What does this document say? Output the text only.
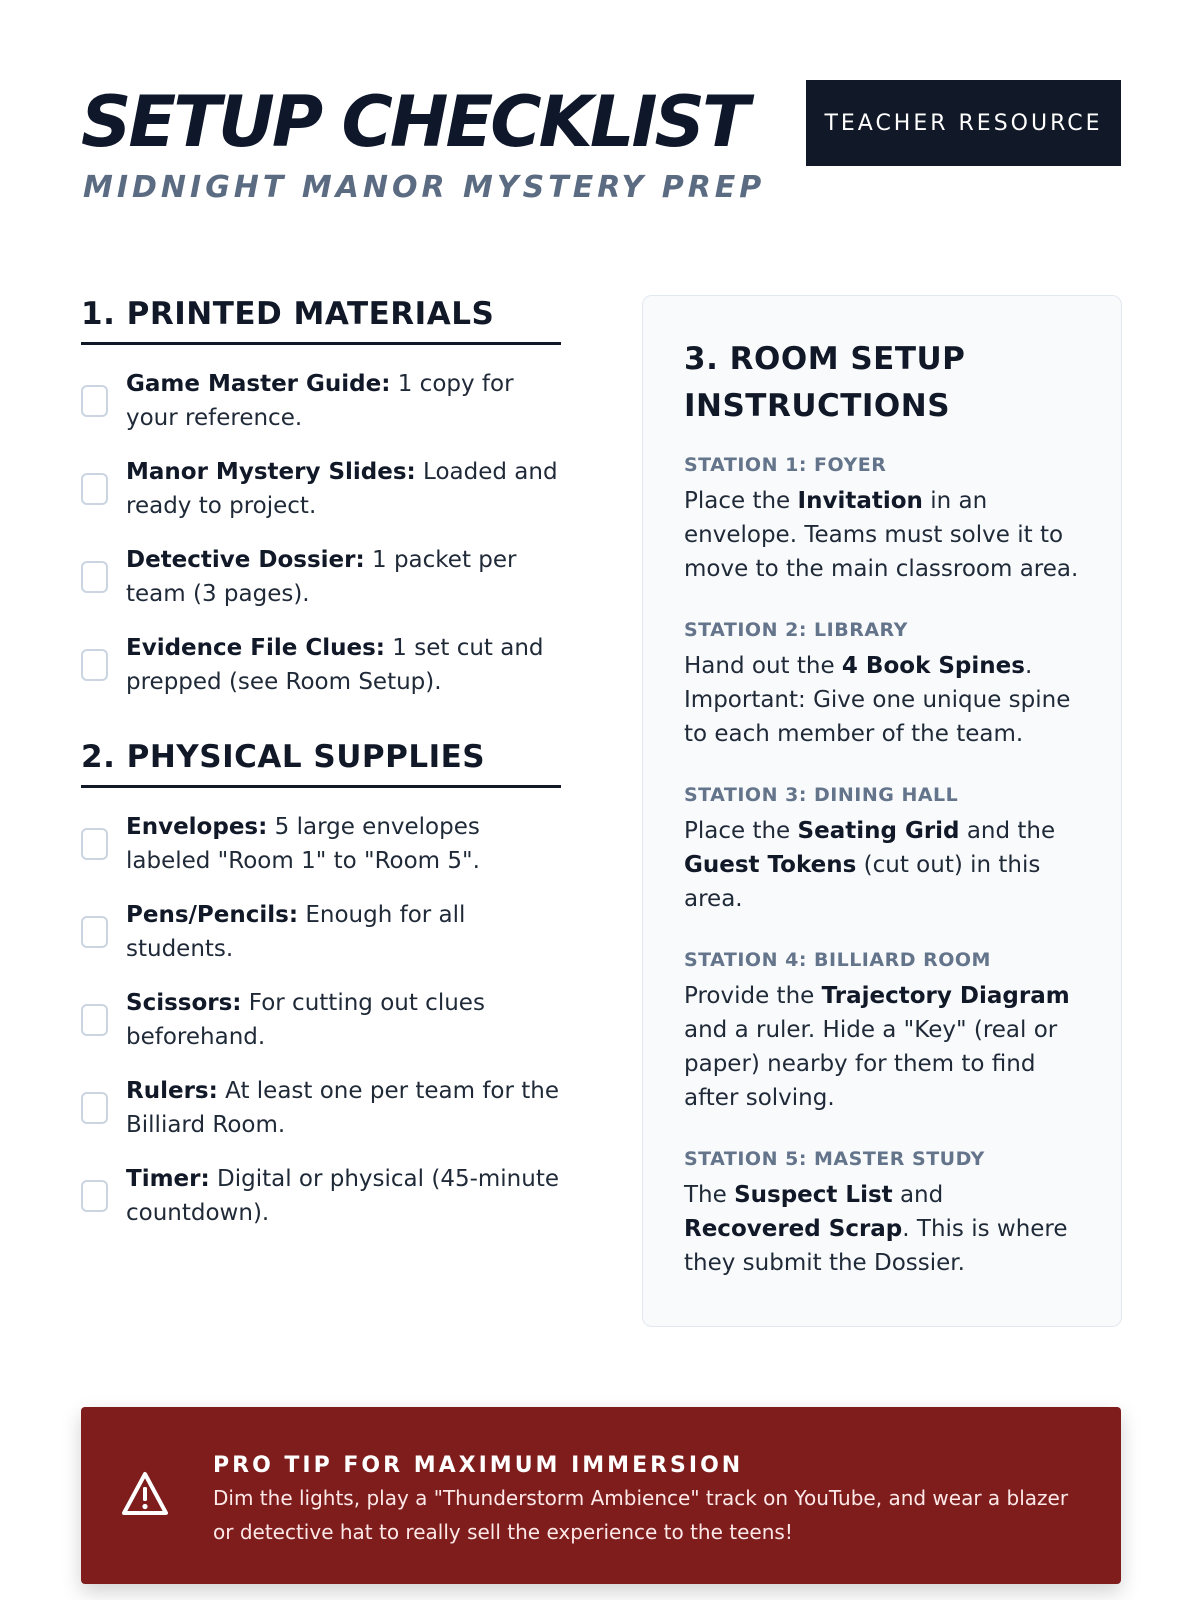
SETUP CHECKLIST	TEACHER RESOURCE
MIDNIGHT MANOR MYSTERY PREP
1. PRINTED MATERIALS
Game Master Guide: 1 copy for your reference.
Manor Mystery Slides: Loaded and ready to project.
Detective Dossier: 1 packet per team (3 pages).
Evidence File Clues: 1 set cut and prepped (see Room Setup).
2. PHYSICAL SUPPLIES
Envelopes: 5 large envelopes labeled "Room 1" to "Room 5".
Pens/Pencils: Enough for all students.
Scissors: For cutting out clues beforehand.
Rulers: At least one per team for the Billiard Room.
Timer: Digital or physical (45-minute countdown).
3. ROOM SETUP INSTRUCTIONS
STATION 1: FOYER
Place the Invitation in an envelope. Teams must solve it to move to the main classroom area.
STATION 2: LIBRARY
Hand out the 4 Book Spines. Important: Give one unique spine to each member of the team.
STATION 3: DINING HALL
Place the Seating Grid and the Guest Tokens (cut out) in this area.
STATION 4: BILLIARD ROOM
Provide the Trajectory Diagram and a ruler. Hide a "Key" (real or paper) nearby for them to find after solving.
STATION 5: MASTER STUDY
The Suspect List and Recovered Scrap. This is where they submit the Dossier.
PRO TIP FOR MAXIMUM IMMERSION
Dim the lights, play a "Thunderstorm Ambience" track on YouTube, and wear a blazer or detective hat to really sell the experience to the teens!
